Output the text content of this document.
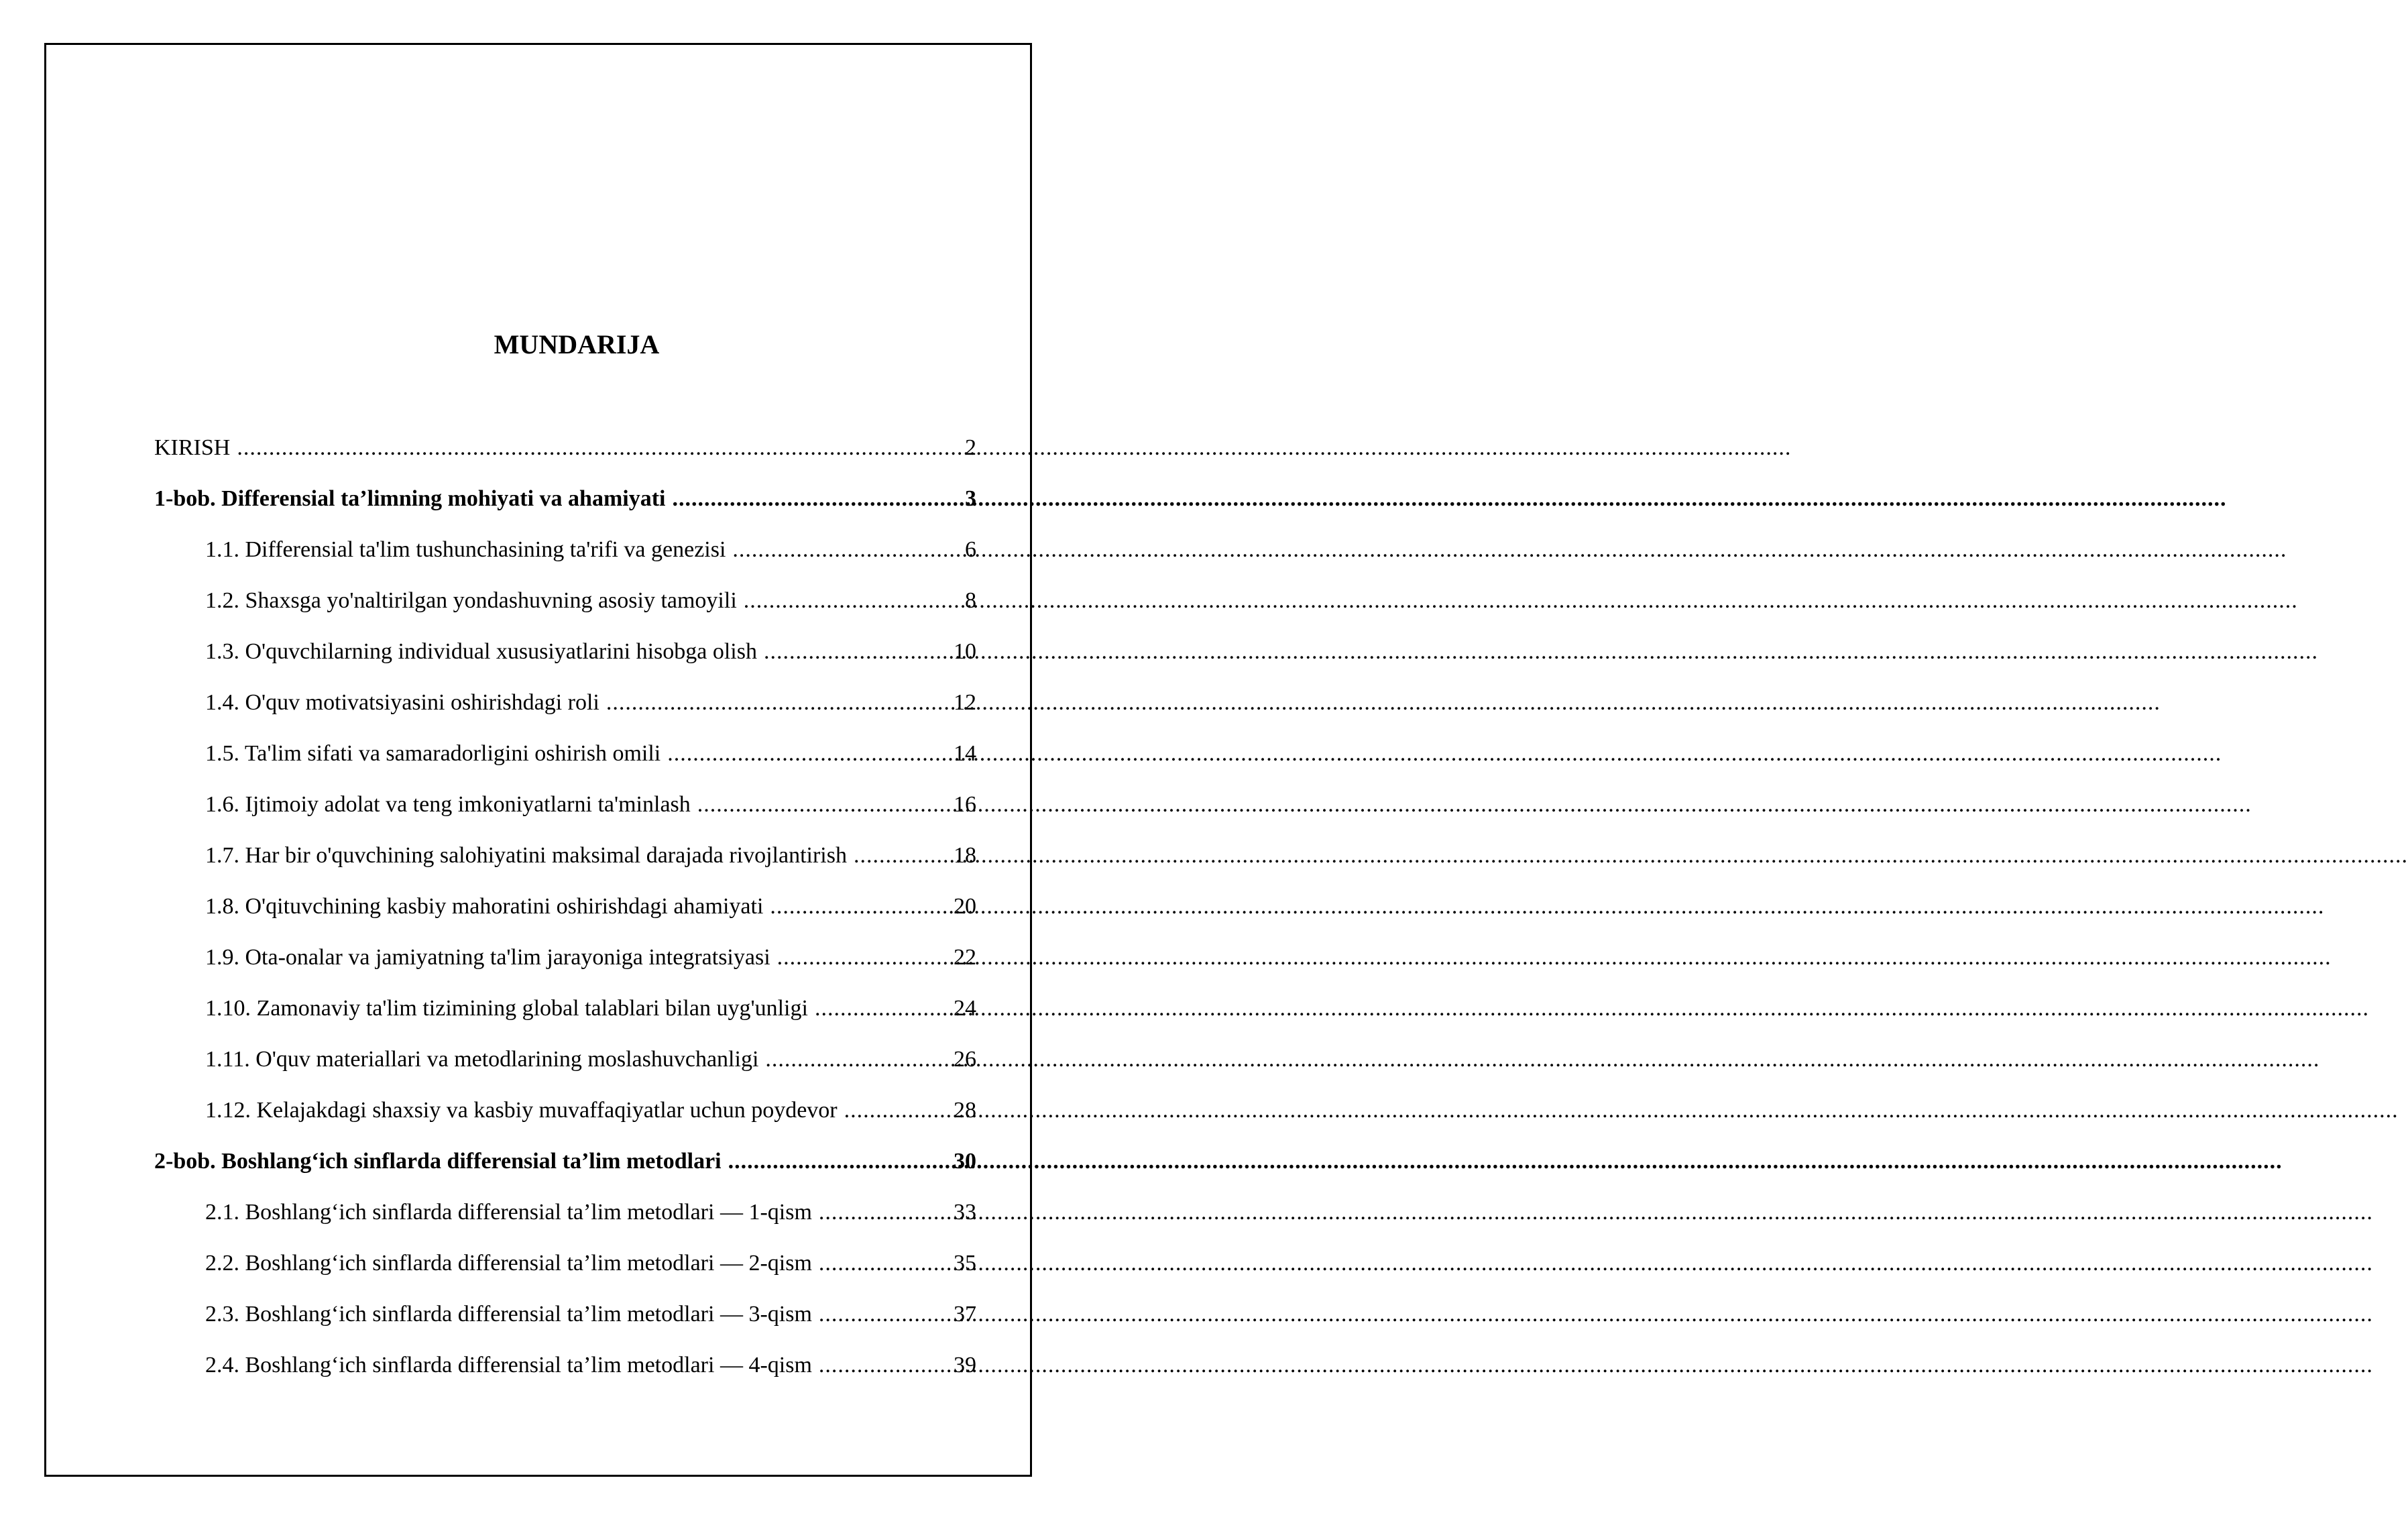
MUNDARIJA
KIRISH .....	2
1-bob. Differensial ta’limning mohiyati va ahamiyati .....	3
1.1. Differensial ta'lim tushunchasining ta'rifi va genezisi .....	6
1.2. Shaxsga yo'naltirilgan yondashuvning asosiy tamoyili .....	8
1.3. O'quvchilarning individual xususiyatlarini hisobga olish .....	10
1.4. O'quv motivatsiyasini oshirishdagi roli .....	12
1.5. Ta'lim sifati va samaradorligini oshirish omili .....	14
1.6. Ijtimoiy adolat va teng imkoniyatlarni ta'minlash .....	16
1.7. Har bir o'quvchining salohiyatini maksimal darajada rivojlantirish .....	18
1.8. O'qituvchining kasbiy mahoratini oshirishdagi ahamiyati .....	20
1.9. Ota-onalar va jamiyatning ta'lim jarayoniga integratsiyasi .....	22
1.10. Zamonaviy ta'lim tizimining global talablari bilan uyg'unligi .....	24
1.11. O'quv materiallari va metodlarining moslashuvchanligi .....	26
1.12. Kelajakdagi shaxsiy va kasbiy muvaffaqiyatlar uchun poydevor .....	28
2-bob. Boshlang‘ich sinflarda differensial ta’lim metodlari .....	30
2.1. Boshlang‘ich sinflarda differensial ta’lim metodlari — 1-qism .....	33
2.2. Boshlang‘ich sinflarda differensial ta’lim metodlari — 2-qism .....	35
2.3. Boshlang‘ich sinflarda differensial ta’lim metodlari — 3-qism .....	37
2.4. Boshlang‘ich sinflarda differensial ta’lim metodlari — 4-qism .....	39
